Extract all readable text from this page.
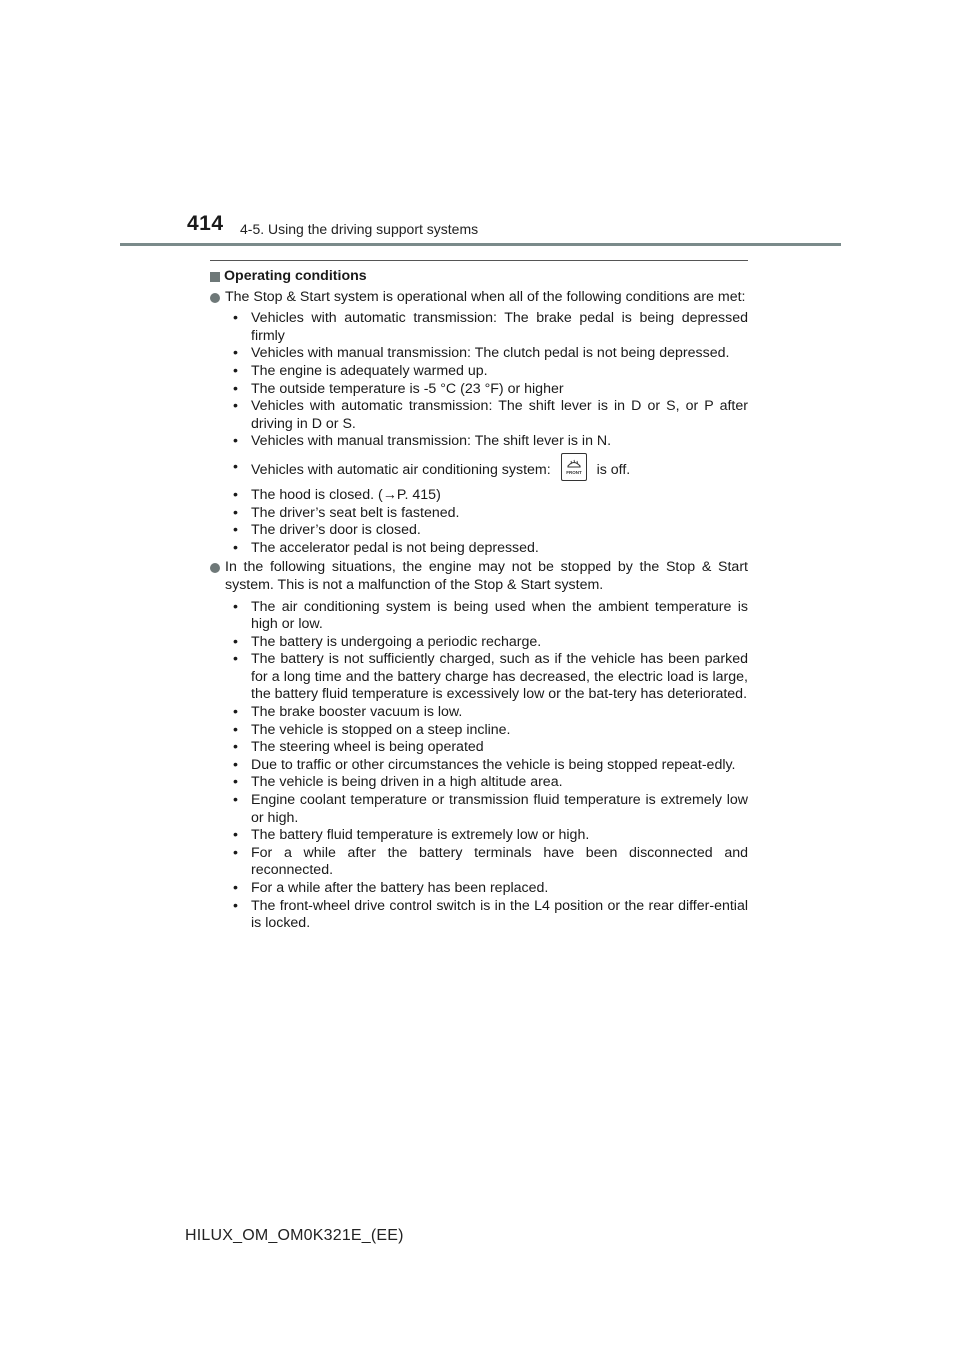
414 4-5. Using the driving support systems
Operating conditions
The Stop & Start system is operational when all of the following conditions are met:
• Vehicles with automatic transmission: The brake pedal is being depressed firmly
• Vehicles with manual transmission: The clutch pedal is not being depressed.
• The engine is adequately warmed up.
• The outside temperature is -5 °C (23 °F) or higher
• Vehicles with automatic transmission: The shift lever is in D or S, or P after driving in D or S.
• Vehicles with manual transmission: The shift lever is in N.
• Vehicles with automatic air conditioning system:	FRONT is off.
• The hood is closed. (→P. 415)
• The driver’s seat belt is fastened.
• The driver’s door is closed.
• The accelerator pedal is not being depressed.
In the following situations, the engine may not be stopped by the Stop & Start system. This is not a malfunction of the Stop & Start system.
• The air conditioning system is being used when the ambient temperature is high or low.
• The battery is undergoing a periodic recharge.
• The battery is not sufficiently charged, such as if the vehicle has been parked for a long time and the battery charge has decreased, the electric load is large, the battery fluid temperature is excessively low or the bat-tery has deteriorated.
• The brake booster vacuum is low.
• The vehicle is stopped on a steep incline.
• The steering wheel is being operated
• Due to traffic or other circumstances the vehicle is being stopped repeat-edly.
• The vehicle is being driven in a high altitude area.
• Engine coolant temperature or transmission fluid temperature is extremely low or high.
• The battery fluid temperature is extremely low or high.
• For a while after the battery terminals have been disconnected and reconnected.
• For a while after the battery has been replaced.
• The front-wheel drive control switch is in the L4 position or the rear differ-ential is locked.
HILUX_OM_OM0K321E_(EE)
